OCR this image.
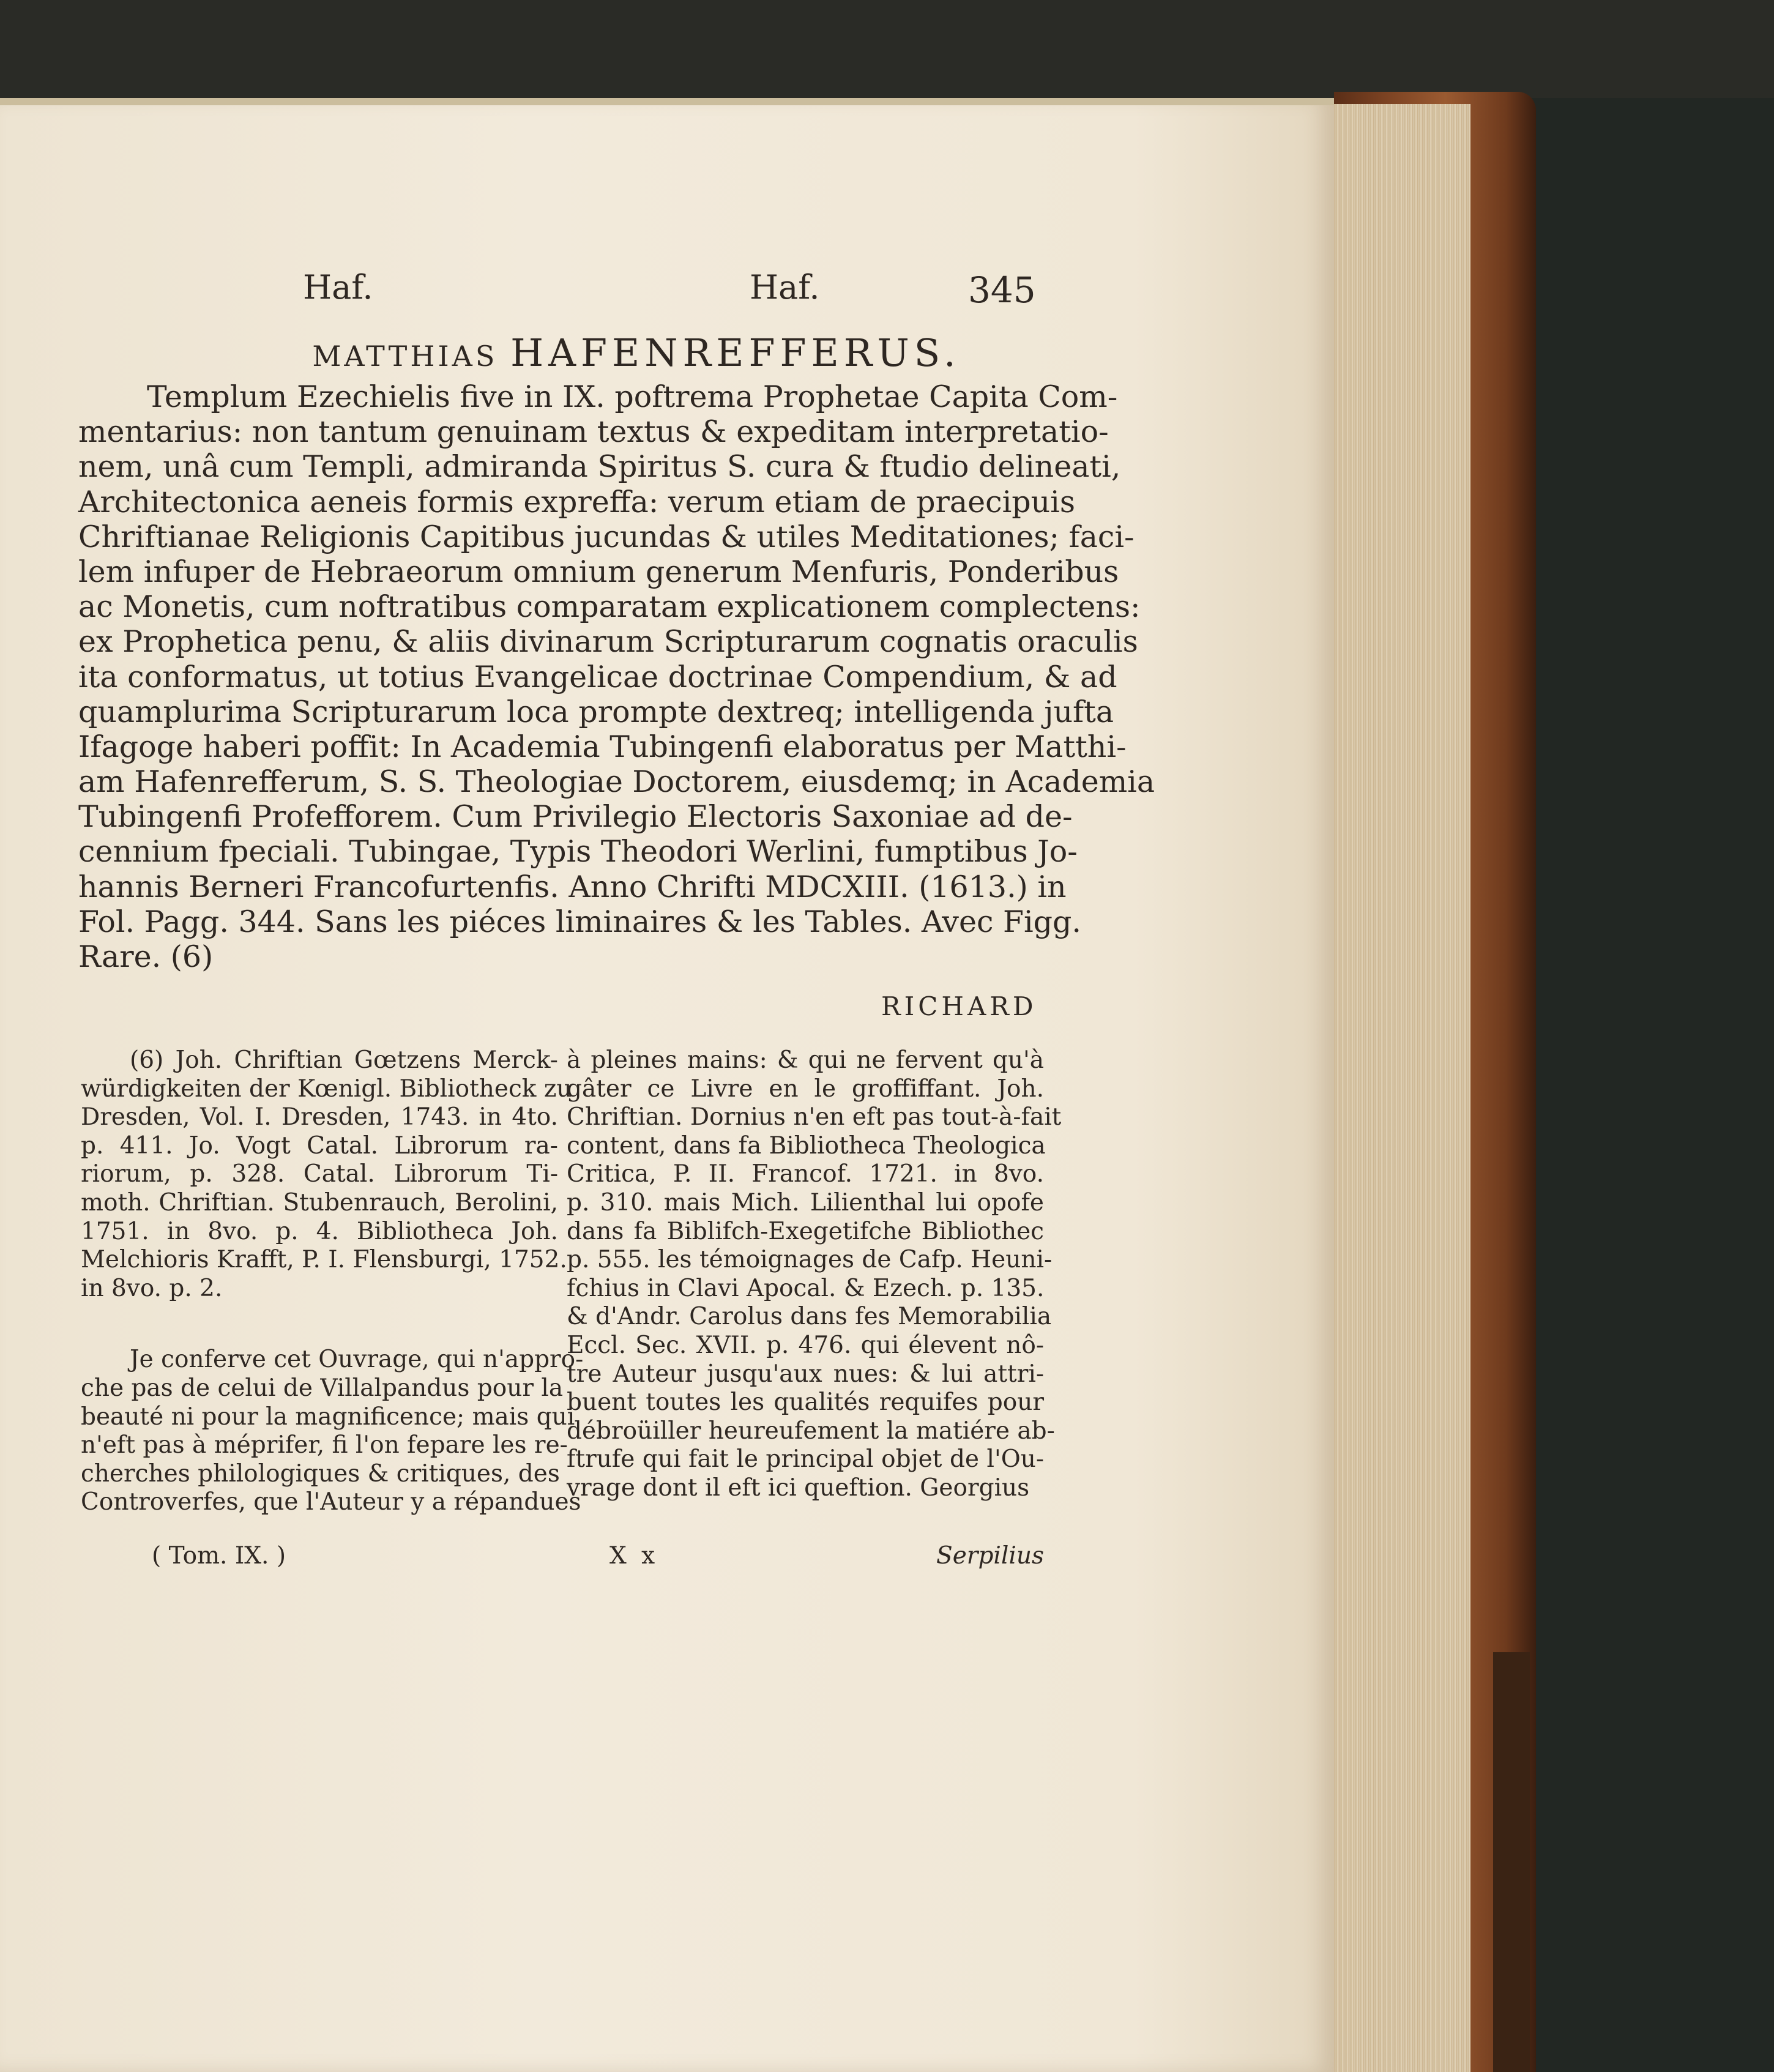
Haf.	Haf.	345
MATTHIAS HAFENREFFERUS.
Templum Ezechielis five in IX. poftrema Prophetae Capita Com-
mentarius: non tantum genuinam textus & expeditam interpretatio-
nem, unâ cum Templi, admiranda Spiritus S. cura & ftudio delineati,
Architectonica aeneis formis expreffa: verum etiam de praecipuis
Chriftianae Religionis Capitibus jucundas & utiles Meditationes; faci-
lem infuper de Hebraeorum omnium generum Menfuris, Ponderibus
ac Monetis, cum noftratibus comparatam explicationem complectens:
ex Prophetica penu, & aliis divinarum Scripturarum cognatis oraculis
ita conformatus, ut totius Evangelicae doctrinae Compendium, & ad
quamplurima Scripturarum loca prompte dextreq; intelligenda jufta
Ifagoge haberi poffit: In Academia Tubingenfi elaboratus per Matthi-
am Hafenrefferum, S. S. Theologiae Doctorem, eiusdemq; in Academia
Tubingenfi Profefforem. Cum Privilegio Electoris Saxoniae ad de-
cennium fpeciali. Tubingae, Typis Theodori Werlini, fumptibus Jo-
hannis Berneri Francofurtenfis. Anno Chrifti MDCXIII. (1613.) in
Fol. Pagg. 344. Sans les piéces liminaires & les Tables. Avec Figg.
Rare. (6)
RICHARD
(6) Joh. Chriftian Gœtzens Merck-
würdigkeiten der Kœnigl. Bibliotheck zu
Dresden, Vol. I. Dresden, 1743. in 4to.
p. 411. Jo. Vogt Catal. Librorum ra-
riorum, p. 328. Catal. Librorum Ti-
moth. Chriftian. Stubenrauch, Berolini,
1751. in 8vo. p. 4. Bibliotheca Joh.
Melchioris Krafft, P. I. Flensburgi, 1752.
in 8vo. p. 2.
Je conferve cet Ouvrage, qui n'appro-
che pas de celui de Villalpandus pour la
beauté ni pour la magnificence; mais qui
n'eft pas à méprifer, fi l'on fepare les re-
cherches philologiques & critiques, des
Controverfes, que l'Auteur y a répandues
à pleines mains: & qui ne fervent qu'à
gâter ce Livre en le groffiffant. Joh.
Chriftian. Dornius n'en eft pas tout-à-fait
content, dans fa Bibliotheca Theologica
Critica, P. II. Francof. 1721. in 8vo.
p. 310. mais Mich. Lilienthal lui opofe
dans fa Biblifch-Exegetifche Bibliothec
p. 555. les témoignages de Cafp. Heuni-
fchius in Clavi Apocal. & Ezech. p. 135.
& d'Andr. Carolus dans fes Memorabilia
Eccl. Sec. XVII. p. 476. qui élevent nô-
tre Auteur jusqu'aux nues: & lui attri-
buent toutes les qualités requifes pour
débroüiller heureufement la matiére ab-
ftrufe qui fait le principal objet de l'Ou-
vrage dont il eft ici queftion. Georgius
( Tom. IX. )	X x	Serpilius
